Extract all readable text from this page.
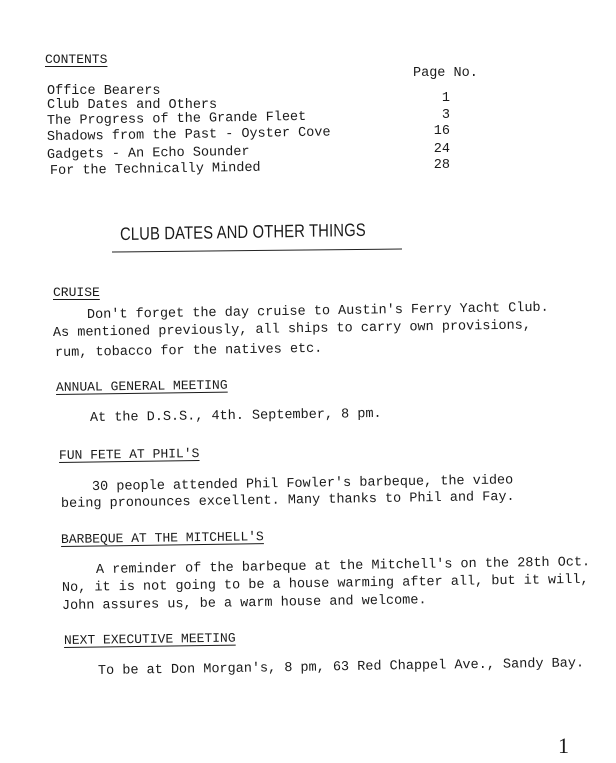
CONTENTS
Page No.
Office Bearers	1
Club Dates and Others
3
The Progress of the Grande Fleet
16
Shadows from the Past - Oyster Cove
24
Gadgets - An Echo Sounder
28
For the Technically Minded
CLUB DATES AND OTHER THINGS
CRUISE
Don't forget the day cruise to Austin's Ferry Yacht Club.
As mentioned previously, all ships to carry own provisions,
rum, tobacco for the natives etc.
ANNUAL GENERAL MEETING
At the D.S.S., 4th. September, 8 pm.
FUN FETE AT PHIL'S
30 people attended Phil Fowler's barbeque, the video
being pronounces excellent. Many thanks to Phil and Fay.
BARBEQUE AT THE MITCHELL'S
A reminder of the barbeque at the Mitchell's on the 28th Oct.
No, it is not going to be a house warming after all, but it will,
John assures us, be a warm house and welcome.
NEXT EXECUTIVE MEETING
To be at Don Morgan's, 8 pm, 63 Red Chappel Ave., Sandy Bay.
1
